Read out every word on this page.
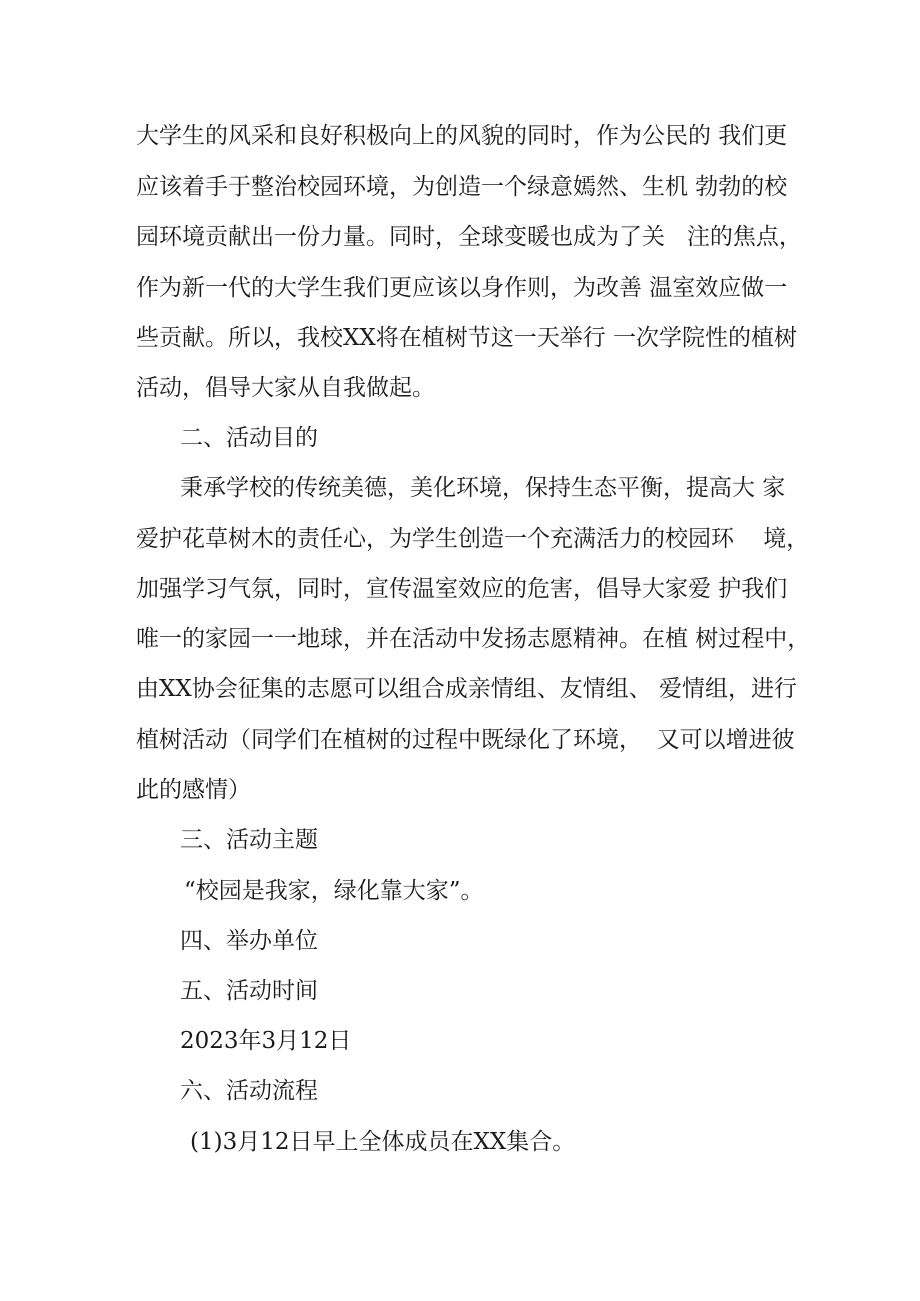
大学生的风采和良好积极向上的风貌的同时，作为公民的 我们更
应该着手于整治校园环境，为创造一个绿意嫣然、生机 勃勃的校
园环境贡献出一份力量。同时，全球变暖也成为了关   注的焦点，
作为新一代的大学生我们更应该以身作则，为改善 温室效应做一
些贡献。所以，我校XX将在植树节这一天举行 一次学院性的植树
活动，倡导大家从自我做起。
二、活动目的
秉承学校的传统美德，美化环境，保持生态平衡，提高大 家
爱护花草树木的责任心，为学生创造一个充满活力的校园环    境，
加强学习气氛，同时，宣传温室效应的危害，倡导大家爱 护我们
唯一的家园一一地球，并在活动中发扬志愿精神。在植 树过程中，
由XX协会征集的志愿可以组合成亲情组、友情组、 爱情组，进行
植树活动（同学们在植树的过程中既绿化了环境，  又可以增进彼
此的感情）
三、活动主题
“校园是我家，绿化靠大家”。
四、举办单位
五、活动时间
2023年3月12日
六、活动流程
(1)3月12日早上全体成员在XX集合。
